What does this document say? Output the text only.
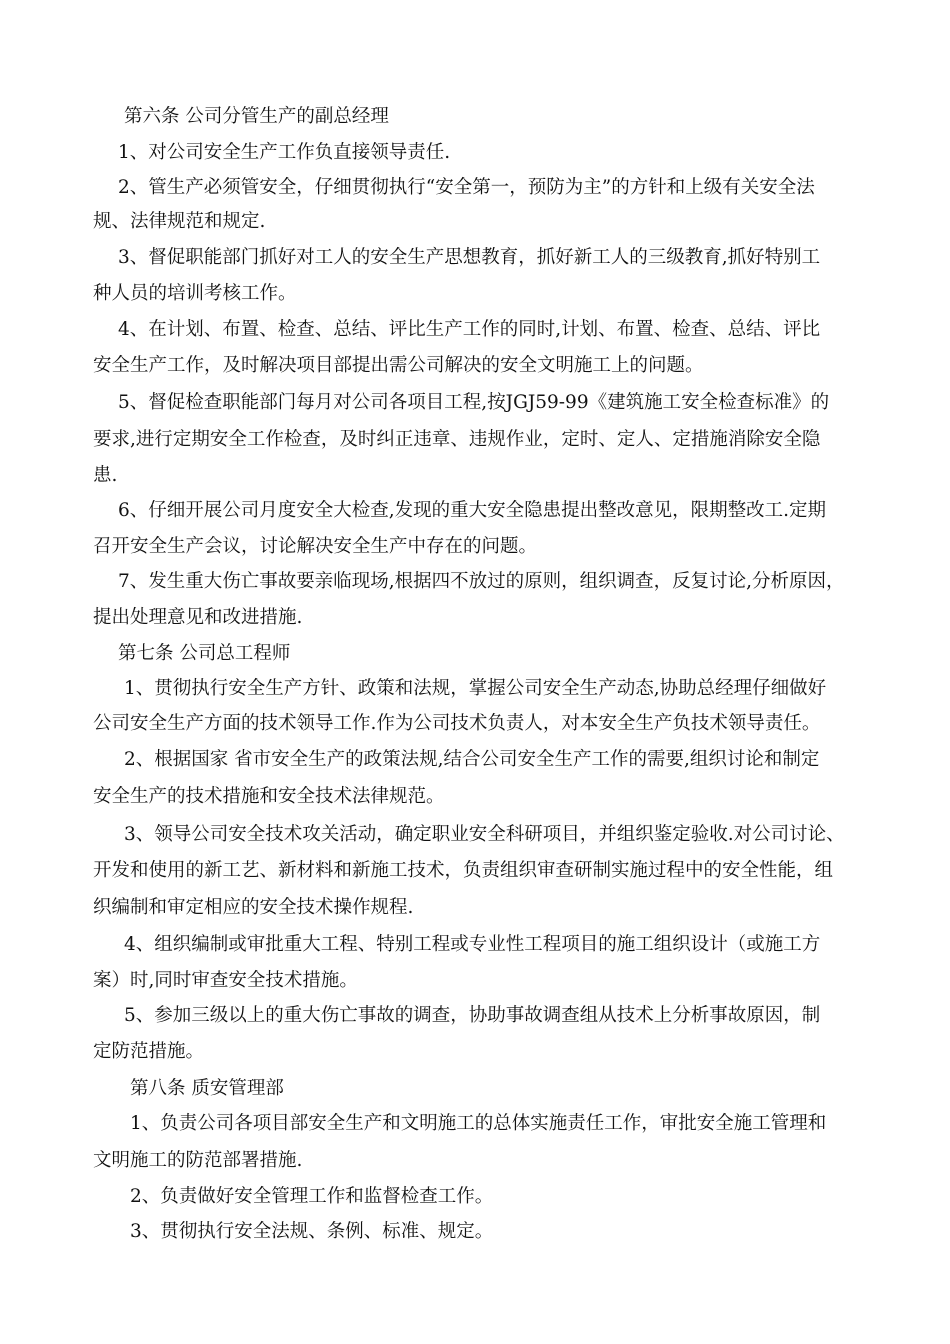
第六条 公司分管生产的副总经理
1、对公司安全生产工作负直接领导责任.
2、管生产必须管安全，仔细贯彻执行“安全第一，预防为主”的方针和上级有关安全法
规、法律规范和规定.
3、督促职能部门抓好对工人的安全生产思想教育，抓好新工人的三级教育,抓好特别工
种人员的培训考核工作。
4、在计划、布置、检查、总结、评比生产工作的同时,计划、布置、检查、总结、评比
安全生产工作，及时解决项目部提出需公司解决的安全文明施工上的问题。
5、督促检查职能部门每月对公司各项目工程,按JGJ59-99《建筑施工安全检查标准》的
要求,进行定期安全工作检查，及时纠正违章、违规作业，定时、定人、定措施消除安全隐
患.
6、仔细开展公司月度安全大检查,发现的重大安全隐患提出整改意见，限期整改工.定期
召开安全生产会议，讨论解决安全生产中存在的问题。
7、发生重大伤亡事故要亲临现场,根据四不放过的原则，组织调查，反复讨论,分析原因，
提出处理意见和改进措施.
第七条 公司总工程师
1、贯彻执行安全生产方针、政策和法规，掌握公司安全生产动态,协助总经理仔细做好
公司安全生产方面的技术领导工作.作为公司技术负责人，对本安全生产负技术领导责任。
2、根据国家 省市安全生产的政策法规,结合公司安全生产工作的需要,组织讨论和制定
安全生产的技术措施和安全技术法律规范。
3、领导公司安全技术攻关活动，确定职业安全科研项目，并组织鉴定验收.对公司讨论、
开发和使用的新工艺、新材料和新施工技术，负责组织审查研制实施过程中的安全性能，组
织编制和审定相应的安全技术操作规程.
4、组织编制或审批重大工程、特别工程或专业性工程项目的施工组织设计（或施工方
案）时,同时审查安全技术措施。
5、参加三级以上的重大伤亡事故的调查，协助事故调查组从技术上分析事故原因，制
定防范措施。
第八条 质安管理部
1、负责公司各项目部安全生产和文明施工的总体实施责任工作，审批安全施工管理和
文明施工的防范部署措施.
2、负责做好安全管理工作和监督检查工作。
3、贯彻执行安全法规、条例、标准、规定。
